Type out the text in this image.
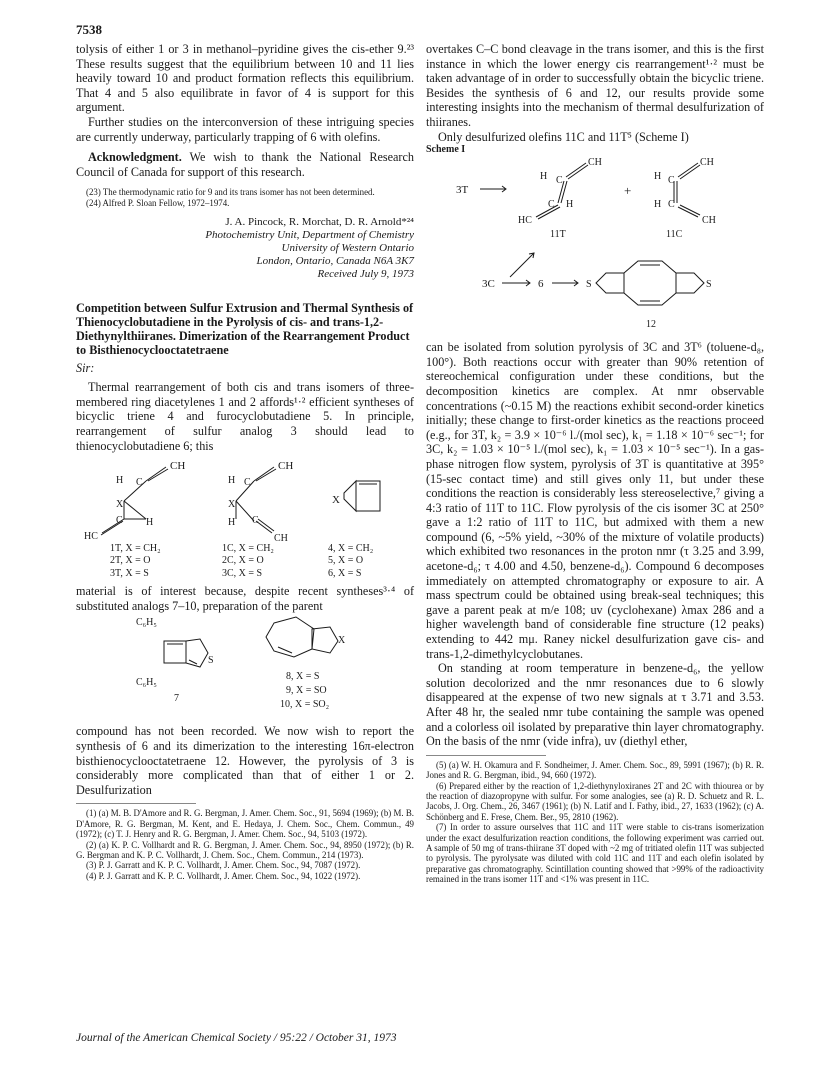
7538

tolysis of either 1 or 3 in methanol–pyridine gives the cis-ether 9.²³ These results suggest that the equilibrium between 10 and 11 lies heavily toward 10 and product formation reflects this equilibrium. That 4 and 5 also equilibrate in favor of 4 is support for this argument.

Further studies on the interconversion of these intriguing species are currently underway, particularly trapping of 6 with olefins.

Acknowledgment. We wish to thank the National Research Council of Canada for support of this research.

(23) The thermodynamic ratio for 9 and its trans isomer has not been determined.

(24) Alfred P. Sloan Fellow, 1972–1974.

J. A. Pincock, R. Morchat, D. R. Arnold*²⁴
Photochemistry Unit, Department of Chemistry
University of Western Ontario
London, Ontario, Canada N6A 3K7
Received July 9, 1973
Competition between Sulfur Extrusion and Thermal Synthesis of Thienocyclobutadiene in the Pyrolysis of cis- and trans-1,2-Diethynylthiiranes. Dimerization of the Rearrangement Product to Bisthienocyclooctatetraene
Sir:

Thermal rearrangement of both cis and trans isomers of three-membered ring diacetylenes 1 and 2 affords¹·² efficient syntheses of bicyclic triene 4 and furocyclobutadiene 5. In principle, rearrangement of sulfur analog 3 should lead to thienocyclobutadiene 6; this

CH
C
H
X
C H
HC
CH
C
H
X
H C
CH
X
1T, X = CH₂
2T, X = O
1C, X = CH₂
2C, X = O
4, X = CH₂
5, X = O
3T, X = S	3C, X = S	6, X = S

material is of interest because, despite recent syntheses³·⁴ of substituted analogs 7–10, preparation of the parent

C₆H₅
C₆H₅
S
7
X
8, X = S
9, X = SO
10, X = SO₂

compound has not been recorded. We now wish to report the synthesis of 6 and its dimerization to the interesting 16π-electron bisthienocyclooctatetraene 12. However, the pyrolysis of 3 is considerably more complicated than that of either 1 or 2. Desulfurization

(1) (a) M. B. D'Amore and R. G. Bergman, J. Amer. Chem. Soc., 91, 5694 (1969); (b) M. B. D'Amore, R. G. Bergman, M. Kent, and E. Hedaya, J. Chem. Soc., Chem. Commun., 49 (1972); (c) T. J. Henry and R. G. Bergman, J. Amer. Chem. Soc., 94, 5103 (1972).

(2) (a) K. P. C. Vollhardt and R. G. Bergman, J. Amer. Chem. Soc., 94, 8950 (1972); (b) R. G. Bergman and K. P. C. Vollhardt, J. Chem. Soc., Chem. Commun., 214 (1973).

(3) P. J. Garratt and K. P. C. Vollhardt, J. Amer. Chem. Soc., 94, 7087 (1972).

(4) P. J. Garratt and K. P. C. Vollhardt, J. Amer. Chem. Soc., 94, 1022 (1972).

overtakes C–C bond cleavage in the trans isomer, and this is the first instance in which the lower energy cis rearrangement¹·² must be taken advantage of in order to successfully obtain the bicyclic triene. Besides the synthesis of 6 and 12, our results provide some interesting insights into the mechanism of thermal desulfurization of thiiranes.

Only desulfurized olefins 11C and 11T⁵ (Scheme I)

Scheme I
3T
CH
C
H
C H
HC
11T
+
CH
C
H
C
H
CH
11C
3C	6	S	S
12

can be isolated from solution pyrolysis of 3C and 3T⁶ (toluene-d₈, 100°). Both reactions occur with greater than 90% retention of stereochemical configuration under these conditions, but the decomposition kinetics are complex. At nmr observable concentrations (~0.15 M) the reactions exhibit second-order kinetics initially; these change to first-order kinetics as the reactions proceed (e.g., for 3T, k₂ = 3.9 × 10⁻⁶ l./(mol sec), k₁ = 1.18 × 10⁻⁶ sec⁻¹; for 3C, k₂ = 1.03 × 10⁻⁵ l./(mol sec), k₁ = 1.03 × 10⁻⁵ sec⁻¹). In a gas-phase nitrogen flow system, pyrolysis of 3T is quantitative at 395° (15-sec contact time) and still gives only 11, but under these conditions the reaction is considerably less stereoselective,⁷ giving a 4:3 ratio of 11T to 11C. Flow pyrolysis of the cis isomer 3C at 250° gave a 1:2 ratio of 11T to 11C, but admixed with them a new compound (6, ~5% yield, ~30% of the mixture of volatile products) which exhibited two resonances in the proton nmr (τ 3.25 and 3.99, acetone-d₆; τ 4.00 and 4.50, benzene-d₆). Compound 6 decomposes immediately on attempted chromatography or exposure to air. A mass spectrum could be obtained using break-seal techniques; this gave a parent peak at m/e 108; uv (cyclohexane) λmax 286 and a higher wavelength band of considerable fine structure (12 peaks) extending to 442 mμ. Raney nickel desulfurization gave cis- and trans-1,2-dimethylcyclobutanes.

On standing at room temperature in benzene-d₆, the yellow solution decolorized and the nmr resonances due to 6 slowly disappeared at the expense of two new signals at τ 3.71 and 3.53. After 48 hr, the sealed nmr tube containing the sample was opened and a colorless oil isolated by preparative thin layer chromatography. On the basis of the nmr (vide infra), uv (diethyl ether,

(5) (a) W. H. Okamura and F. Sondheimer, J. Amer. Chem. Soc., 89, 5991 (1967); (b) R. R. Jones and R. G. Bergman, ibid., 94, 660 (1972).

(6) Prepared either by the reaction of 1,2-diethynyloxiranes 2T and 2C with thiourea or by the reaction of diazopropyne with sulfur. For some analogies, see (a) R. D. Schuetz and R. L. Jacobs, J. Org. Chem., 26, 3467 (1961); (b) N. Latif and I. Fathy, ibid., 27, 1633 (1962); (c) A. Schönberg and E. Frese, Chem. Ber., 95, 2810 (1962).

(7) In order to assure ourselves that 11C and 11T were stable to cis-trans isomerization under the exact desulfurization reaction conditions, the following experiment was carried out. A sample of 50 mg of trans-thiirane 3T doped with ~2 mg of tritiated olefin 11T was subjected to pyrolysis. The pyrolysate was diluted with cold 11C and 11T and each olefin isolated by preparative gas chromatography. Scintillation counting showed that >99% of the radioactivity remained in the trans isomer 11T and <1% was present in 11C.

Journal of the American Chemical Society / 95:22 / October 31, 1973
